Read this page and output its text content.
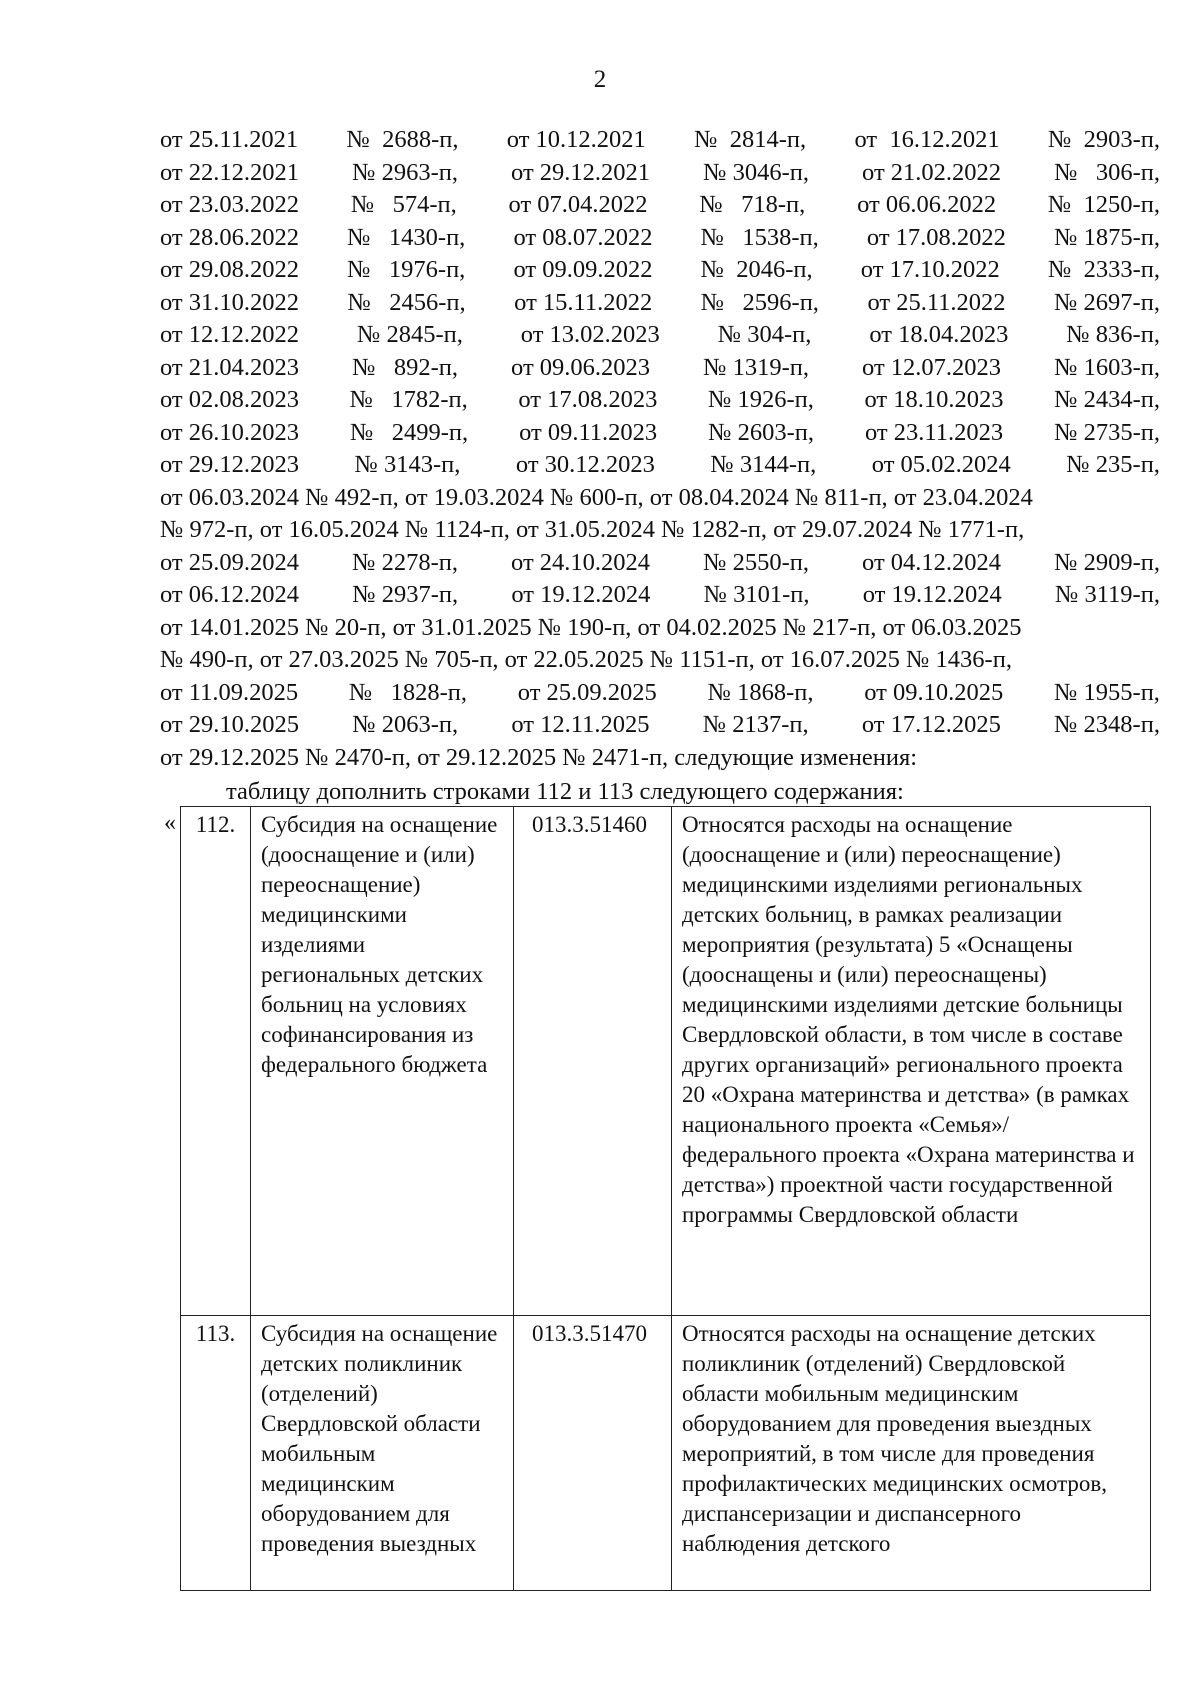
2
от 25.11.2021 №  2688-п, от 10.12.2021 №  2814-п, от  16.12.2021 №  2903-п,
от 22.12.2021 № 2963-п, от 29.12.2021 № 3046-п, от 21.02.2022 №   306-п,
от 23.03.2022 №   574-п, от 07.04.2022 №   718-п, от 06.06.2022 №  1250-п,
от 28.06.2022 №   1430-п, от 08.07.2022 №   1538-п, от 17.08.2022 № 1875-п,
от 29.08.2022 №   1976-п, от 09.09.2022 №  2046-п, от 17.10.2022 №  2333-п,
от 31.10.2022 №   2456-п, от 15.11.2022 №   2596-п, от 25.11.2022 № 2697-п,
от 12.12.2022 № 2845-п, от 13.02.2023 № 304-п, от 18.04.2023 № 836-п,
от 21.04.2023 №   892-п, от 09.06.2023 № 1319-п, от 12.07.2023 № 1603-п,
от 02.08.2023 №   1782-п, от 17.08.2023 № 1926-п, от 18.10.2023 № 2434-п,
от 26.10.2023 №   2499-п, от 09.11.2023 № 2603-п, от 23.11.2023 № 2735-п,
от 29.12.2023 № 3143-п, от 30.12.2023 № 3144-п, от 05.02.2024 № 235-п,
от 06.03.2024 № 492-п, от 19.03.2024 № 600-п, от 08.04.2024 № 811-п, от 23.04.2024
№ 972-п, от 16.05.2024 № 1124-п, от 31.05.2024 № 1282-п, от 29.07.2024 № 1771-п,
от 25.09.2024 № 2278-п, от 24.10.2024 № 2550-п, от 04.12.2024 № 2909-п,
от 06.12.2024 № 2937-п, от 19.12.2024 № 3101-п, от 19.12.2024 № 3119-п,
от 14.01.2025 № 20-п, от 31.01.2025 № 190-п, от 04.02.2025 № 217-п, от 06.03.2025
№ 490-п, от 27.03.2025 № 705-п, от 22.05.2025 № 1151-п, от 16.07.2025 № 1436-п,
от 11.09.2025 №   1828-п, от 25.09.2025 № 1868-п, от 09.10.2025 № 1955-п,
от 29.10.2025 № 2063-п, от 12.11.2025 № 2137-п, от 17.12.2025 № 2348-п,
от 29.12.2025 № 2470-п, от 29.12.2025 № 2471-п, следующие изменения:
таблицу дополнить строками 112 и 113 следующего содержания:
« 112.	Субсидия на оснащение (дооснащение и (или) переоснащение) медицинскими изделиями региональных детских больниц на условиях софинансирования из федерального бюджета	013.3.51460	Относятся расходы на оснащение (дооснащение и (или) переоснащение) медицинскими изделиями региональных детских больниц, в рамках реализации мероприятия (результата) 5 «Оснащены (дооснащены и (или) переоснащены) медицинскими изделиями детские больницы Свердловской области, в том числе в составе других организаций» регионального проекта 20 «Охрана материнства и детства» (в рамках национального проекта «Семья»/федерального проекта «Охрана материнства и детства») проектной части государственной программы Свердловской области
113.	Субсидия на оснащение детских поликлиник (отделений) Свердловской области мобильным медицинским оборудованием для проведения выездных	013.3.51470	Относятся расходы на оснащение детских поликлиник (отделений) Свердловской области мобильным медицинским оборудованием для проведения выездных мероприятий, в том числе для проведения профилактических медицинских осмотров, диспансеризации и диспансерного наблюдения детского
